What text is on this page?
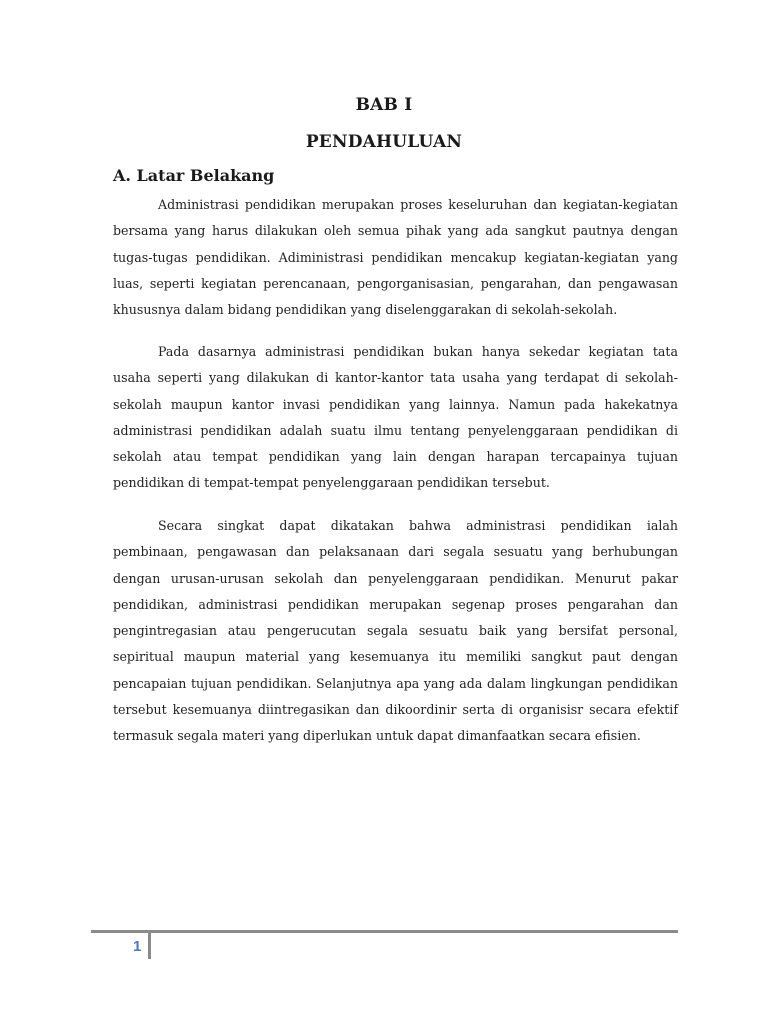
BAB I
PENDAHULUAN
A. Latar Belakang

Administrasi pendidikan merupakan proses keseluruhan dan kegiatan-kegiatan bersama yang harus dilakukan oleh semua pihak yang ada sangkut pautnya dengan tugas-tugas pendidikan. Adiministrasi pendidikan mencakup kegiatan-kegiatan yang luas, seperti kegiatan perencanaan, pengorganisasian, pengarahan, dan pengawasan khususnya dalam bidang pendidikan yang diselenggarakan di sekolah-sekolah.

Pada dasarnya administrasi pendidikan bukan hanya sekedar kegiatan tata usaha seperti yang dilakukan di kantor-kantor tata usaha yang terdapat di sekolah-sekolah maupun kantor invasi pendidikan yang lainnya. Namun pada hakekatnya administrasi pendidikan adalah suatu ilmu tentang penyelenggaraan pendidikan di sekolah atau tempat pendidikan yang lain dengan harapan tercapainya tujuan pendidikan di tempat-tempat penyelenggaraan pendidikan tersebut.

Secara singkat dapat dikatakan bahwa administrasi pendidikan ialah pembinaan, pengawasan dan pelaksanaan dari segala sesuatu yang berhubungan dengan urusan-urusan sekolah dan penyelenggaraan pendidikan. Menurut pakar pendidikan, administrasi pendidikan merupakan segenap proses pengarahan dan pengintregasian atau pengerucutan segala sesuatu baik yang bersifat personal, sepiritual maupun material yang kesemuanya itu memiliki sangkut paut dengan pencapaian tujuan pendidikan. Selanjutnya apa yang ada dalam lingkungan pendidikan tersebut kesemuanya diintregasikan dan dikoordinir serta di organisisr secara efektif termasuk segala materi yang diperlukan untuk dapat dimanfaatkan secara efisien.

1
